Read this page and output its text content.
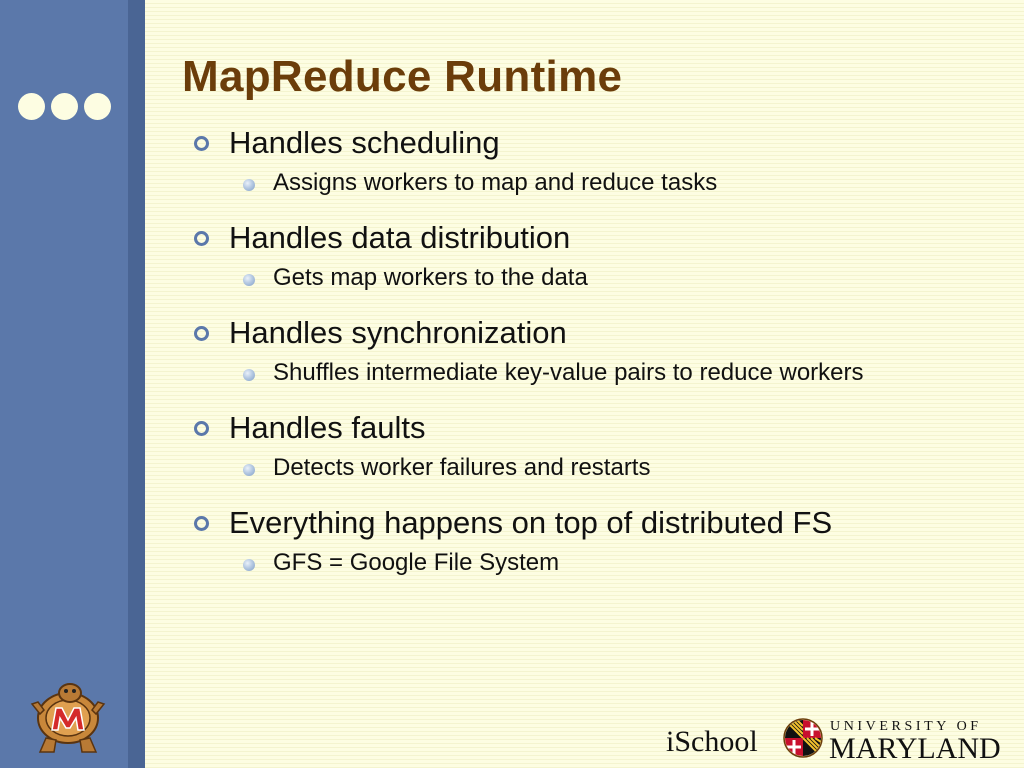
MapReduce Runtime
Handles scheduling
Assigns workers to map and reduce tasks
Handles data distribution
Gets map workers to the data
Handles synchronization
Shuffles intermediate key-value pairs to reduce workers
Handles faults
Detects worker failures and restarts
Everything happens on top of distributed FS
GFS = Google File System
iSchool	UNIVERSITY OF
MARYLAND
